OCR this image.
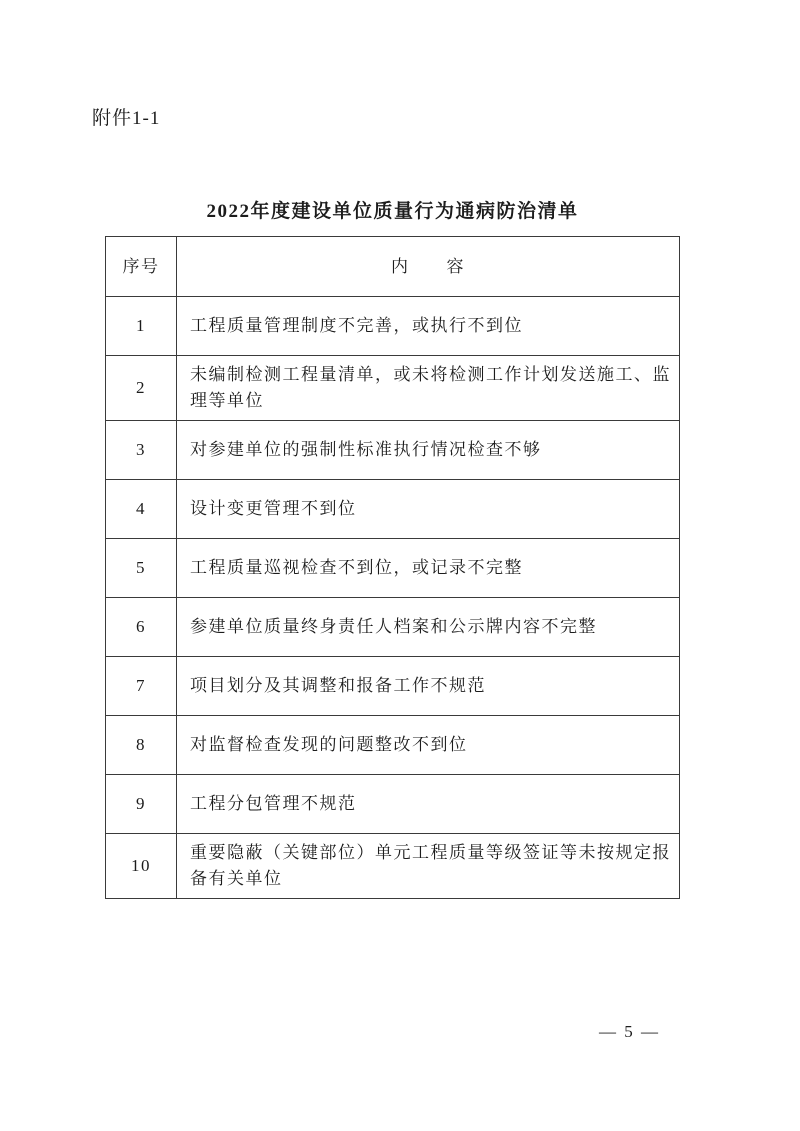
附件1-1
2022年度建设单位质量行为通病防治清单
序号	内　　容
1	工程质量管理制度不完善，或执行不到位
2	未编制检测工程量清单，或未将检测工作计划发送施工、监理等单位
3	对参建单位的强制性标准执行情况检查不够
4	设计变更管理不到位
5	工程质量巡视检查不到位，或记录不完整
6	参建单位质量终身责任人档案和公示牌内容不完整
7	项目划分及其调整和报备工作不规范
8	对监督检查发现的问题整改不到位
9	工程分包管理不规范
10	重要隐蔽（关键部位）单元工程质量等级签证等未按规定报备有关单位
— 5 —
